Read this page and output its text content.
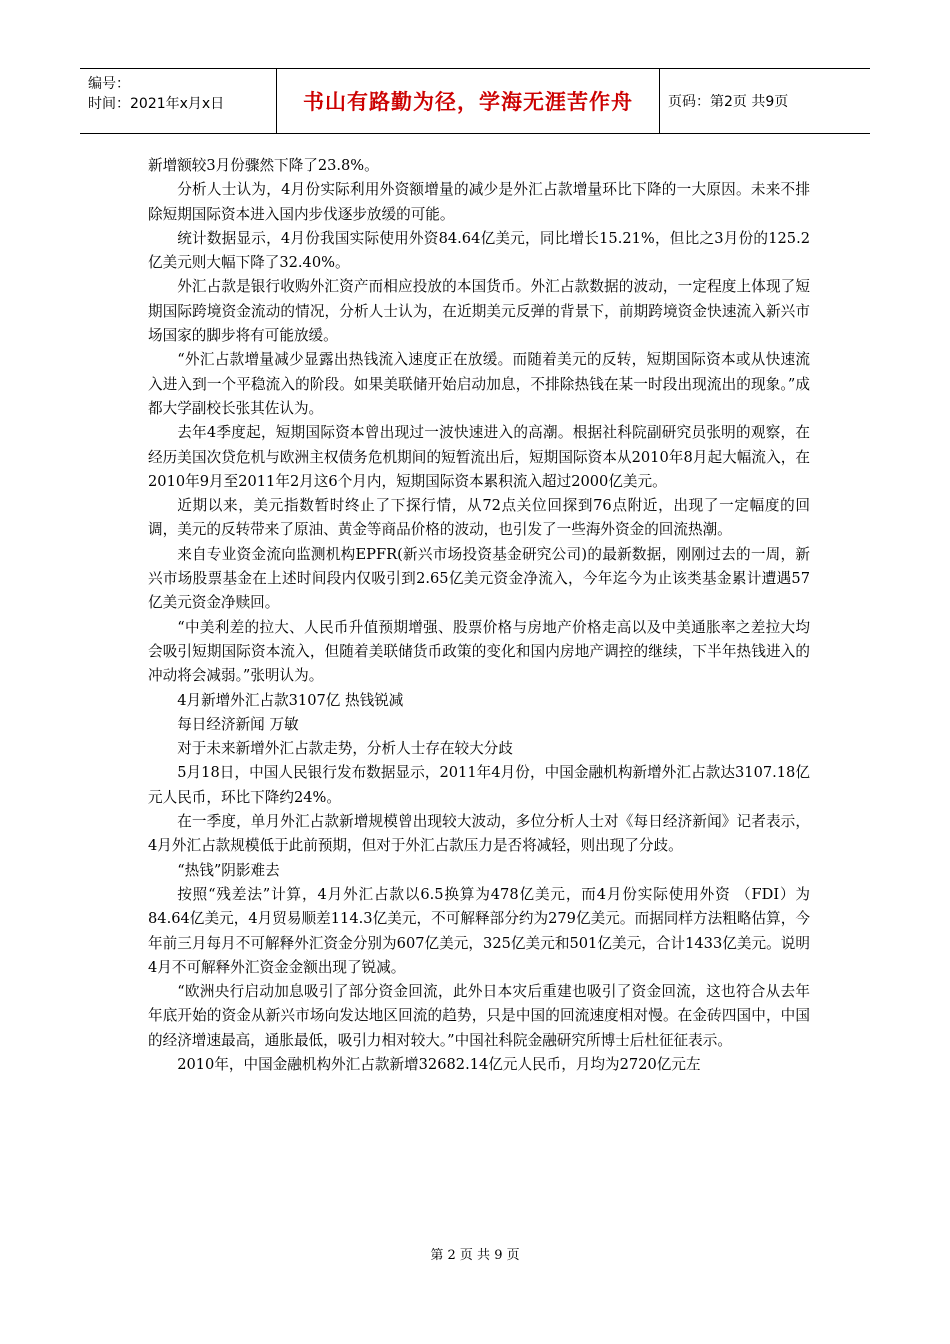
编号：
时间：2021年x月x日	书山有路勤为径，学海无涯苦作舟	页码：第2页 共9页

新增额较3月份骤然下降了23.8%。

分析人士认为，4月份实际利用外资额增量的减少是外汇占款增量环比下降的一大原因。未来不排除短期国际资本进入国内步伐逐步放缓的可能。

统计数据显示，4月份我国实际使用外资84.64亿美元，同比增长15.21%，但比之3月份的125.2亿美元则大幅下降了32.40%。

外汇占款是银行收购外汇资产而相应投放的本国货币。外汇占款数据的波动，一定程度上体现了短期国际跨境资金流动的情况，分析人士认为，在近期美元反弹的背景下，前期跨境资金快速流入新兴市场国家的脚步将有可能放缓。

“外汇占款增量减少显露出热钱流入速度正在放缓。而随着美元的反转，短期国际资本或从快速流入进入到一个平稳流入的阶段。如果美联储开始启动加息，不排除热钱在某一时段出现流出的现象。”成都大学副校长张其佐认为。

去年4季度起，短期国际资本曾出现过一波快速进入的高潮。根据社科院副研究员张明的观察，在经历美国次贷危机与欧洲主权债务危机期间的短暂流出后，短期国际资本从2010年8月起大幅流入，在2010年9月至2011年2月这6个月内，短期国际资本累积流入超过2000亿美元。

近期以来，美元指数暂时终止了下探行情，从72点关位回探到76点附近，出现了一定幅度的回调，美元的反转带来了原油、黄金等商品价格的波动，也引发了一些海外资金的回流热潮。

来自专业资金流向监测机构EPFR(新兴市场投资基金研究公司)的最新数据，刚刚过去的一周，新兴市场股票基金在上述时间段内仅吸引到2.65亿美元资金净流入，今年迄今为止该类基金累计遭遇57亿美元资金净赎回。

“中美利差的拉大、人民币升值预期增强、股票价格与房地产价格走高以及中美通胀率之差拉大均会吸引短期国际资本流入，但随着美联储货币政策的变化和国内房地产调控的继续，下半年热钱进入的冲动将会减弱。”张明认为。

4月新增外汇占款3107亿 热钱锐减

每日经济新闻 万敏

对于未来新增外汇占款走势，分析人士存在较大分歧

5月18日，中国人民银行发布数据显示，2011年4月份，中国金融机构新增外汇占款达3107.18亿元人民币，环比下降约24%。

在一季度，单月外汇占款新增规模曾出现较大波动，多位分析人士对《每日经济新闻》记者表示，4月外汇占款规模低于此前预期，但对于外汇占款压力是否将减轻，则出现了分歧。

“热钱”阴影难去

按照“残差法”计算，4月外汇占款以6.5换算为478亿美元，而4月份实际使用外资 （FDI）为84.64亿美元，4月贸易顺差114.3亿美元，不可解释部分约为279亿美元。而据同样方法粗略估算，今年前三月每月不可解释外汇资金分别为607亿美元，325亿美元和501亿美元，合计1433亿美元。说明4月不可解释外汇资金金额出现了锐减。

“欧洲央行启动加息吸引了部分资金回流，此外日本灾后重建也吸引了资金回流，这也符合从去年年底开始的资金从新兴市场向发达地区回流的趋势，只是中国的回流速度相对慢。在金砖四国中，中国的经济增速最高，通胀最低，吸引力相对较大。”中国社科院金融研究所博士后杜征征表示。

2010年，中国金融机构外汇占款新增32682.14亿元人民币，月均为2720亿元左

第 2 页 共 9 页
